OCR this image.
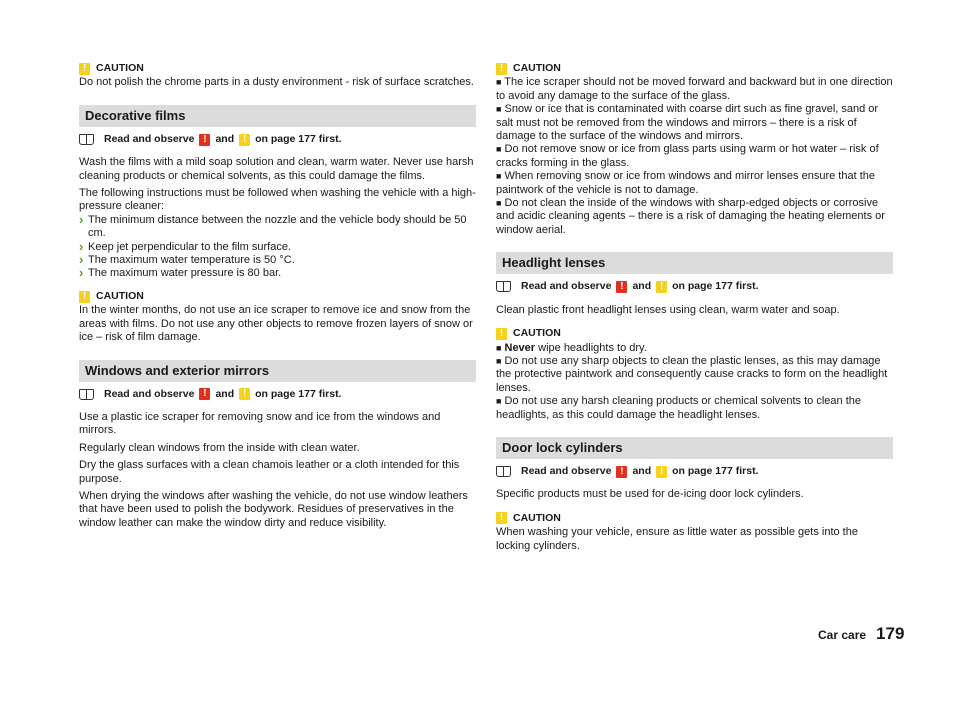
!
CAUTION

Do not polish the chrome parts in a dusty environment - risk of surface scratches.

Decorative films
Read and observe ! and ! on page 177 first.

Wash the films with a mild soap solution and clean, warm water. Never use harsh cleaning products or chemical solvents, as this could damage the films.

The following instructions must be followed when washing the vehicle with a high-pressure cleaner:

› The minimum distance between the nozzle and the vehicle body should be 50 cm.
› Keep jet perpendicular to the film surface.
› The maximum water temperature is 50 °C.
› The maximum water pressure is 80 bar.
!
CAUTION

In the winter months, do not use an ice scraper to remove ice and snow from the areas with films. Do not use any other objects to remove frozen layers of snow or ice – risk of film damage.

Windows and exterior mirrors
Read and observe ! and ! on page 177 first.

Use a plastic ice scraper for removing snow and ice from the windows and mirrors.

Regularly clean windows from the inside with clean water.

Dry the glass surfaces with a clean chamois leather or a cloth intended for this purpose.

When drying the windows after washing the vehicle, do not use window leathers that have been used to polish the bodywork. Residues of preservatives in the window leather can make the window dirty and reduce visibility.

!
CAUTION
■ The ice scraper should not be moved forward and backward but in one direction to avoid any damage to the surface of the glass.
■ Snow or ice that is contaminated with coarse dirt such as fine gravel, sand or salt must not be removed from the windows and mirrors – there is a risk of damage to the surface of the windows and mirrors.
■ Do not remove snow or ice from glass parts using warm or hot water – risk of cracks forming in the glass.
■ When removing snow or ice from windows and mirror lenses ensure that the paintwork of the vehicle is not to damage.
■ Do not clean the inside of the windows with sharp-edged objects or corrosive and acidic cleaning agents – there is a risk of damaging the heating elements or window aerial.
Headlight lenses
Read and observe ! and ! on page 177 first.

Clean plastic front headlight lenses using clean, warm water and soap.

!
CAUTION
■ Never wipe headlights to dry.
■ Do not use any sharp objects to clean the plastic lenses, as this may damage the protective paintwork and consequently cause cracks to form on the headlight lenses.
■ Do not use any harsh cleaning products or chemical solvents to clean the headlights, as this could damage the headlight lenses.
Door lock cylinders
Read and observe ! and ! on page 177 first.

Specific products must be used for de-icing door lock cylinders.

!
CAUTION

When washing your vehicle, ensure as little water as possible gets into the locking cylinders.

Car care 179
